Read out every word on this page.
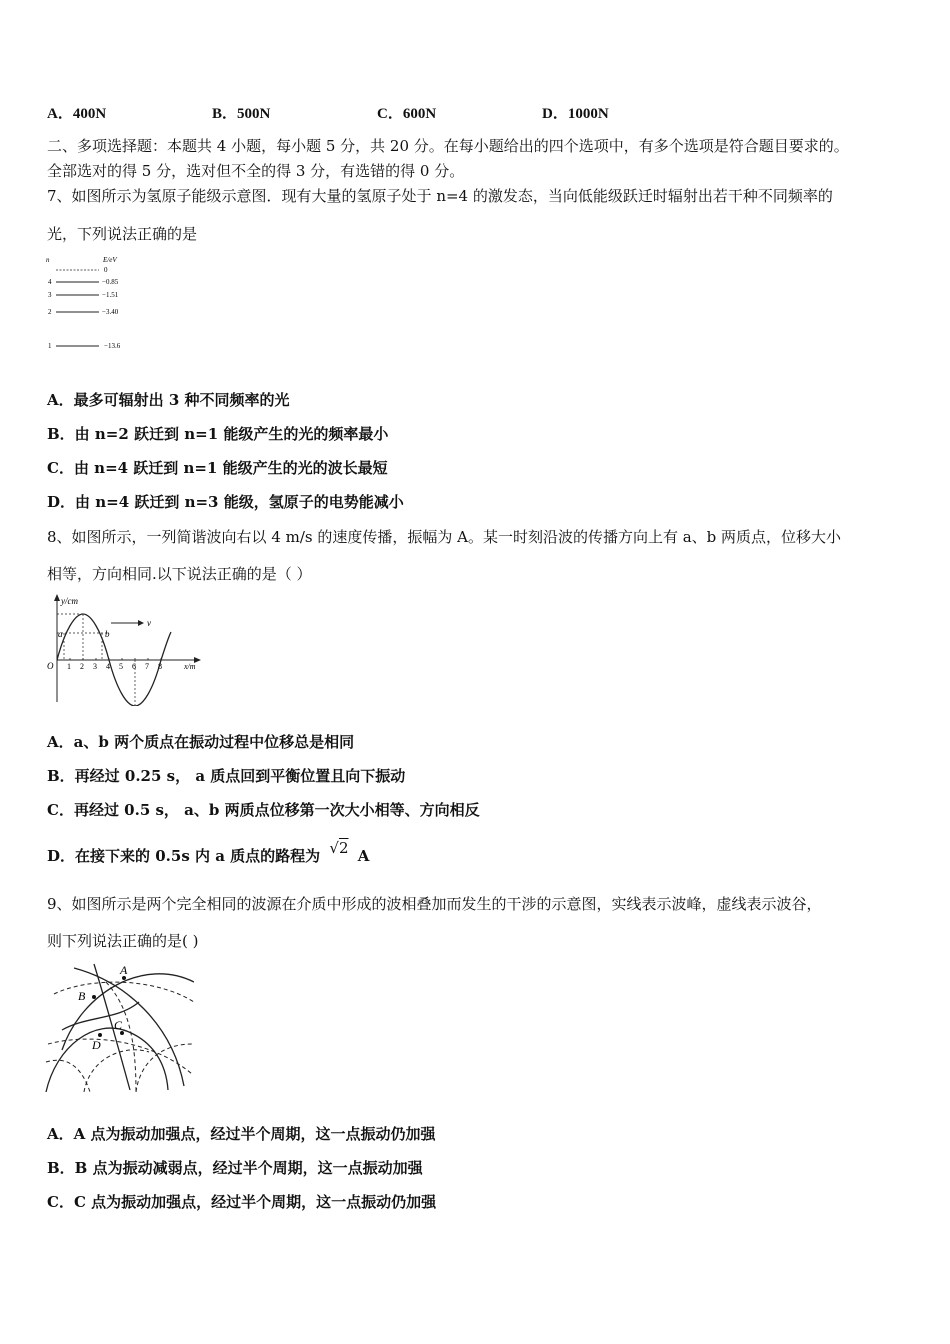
A．400N	B．500N	C．600N	D．1000N
二、多项选择题：本题共 4 小题，每小题 5 分，共 20 分。在每小题给出的四个选项中，有多个选项是符合题目要求的。
全部选对的得 5 分，选对但不全的得 3 分，有选错的得 0 分。
7、如图所示为氢原子能级示意图．现有大量的氢原子处于 n=4 的激发态，当向低能级跃迁时辐射出若干种不同频率的
光，下列说法正确的是
n	E/eV
0
4	−0.85
3	−1.51
2	−3.40
1	−13.6
A．最多可辐射出 3 种不同频率的光
B．由 n=2 跃迁到 n=1 能级产生的光的频率最小
C．由 n=4 跃迁到 n=1 能级产生的光的波长最短
D．由 n=4 跃迁到 n=3 能级，氢原子的电势能减小
8、如图所示，一列简谐波向右以 4 m/s 的速度传播，振幅为 A。某一时刻沿波的传播方向上有 a、b 两质点，位移大小
相等，方向相同.以下说法正确的是（ ）
y/cm
x/m
O
a	b
v
1 2 3 4 5 6 7 8
A．a、b 两个质点在振动过程中位移总是相同
B．再经过 0.25 s， a 质点回到平衡位置且向下振动
C．再经过 0.5 s， a、b 两质点位移第一次大小相等、方向相反
D．在接下来的 0.5s 内 a 质点的路程为 √2 A
9、如图所示是两个完全相同的波源在介质中形成的波相叠加而发生的干涉的示意图，实线表示波峰，虚线表示波谷，
则下列说法正确的是( )
A
B
C
D
A．A 点为振动加强点，经过半个周期，这一点振动仍加强
B．B 点为振动减弱点，经过半个周期，这一点振动加强
C．C 点为振动加强点，经过半个周期，这一点振动仍加强
